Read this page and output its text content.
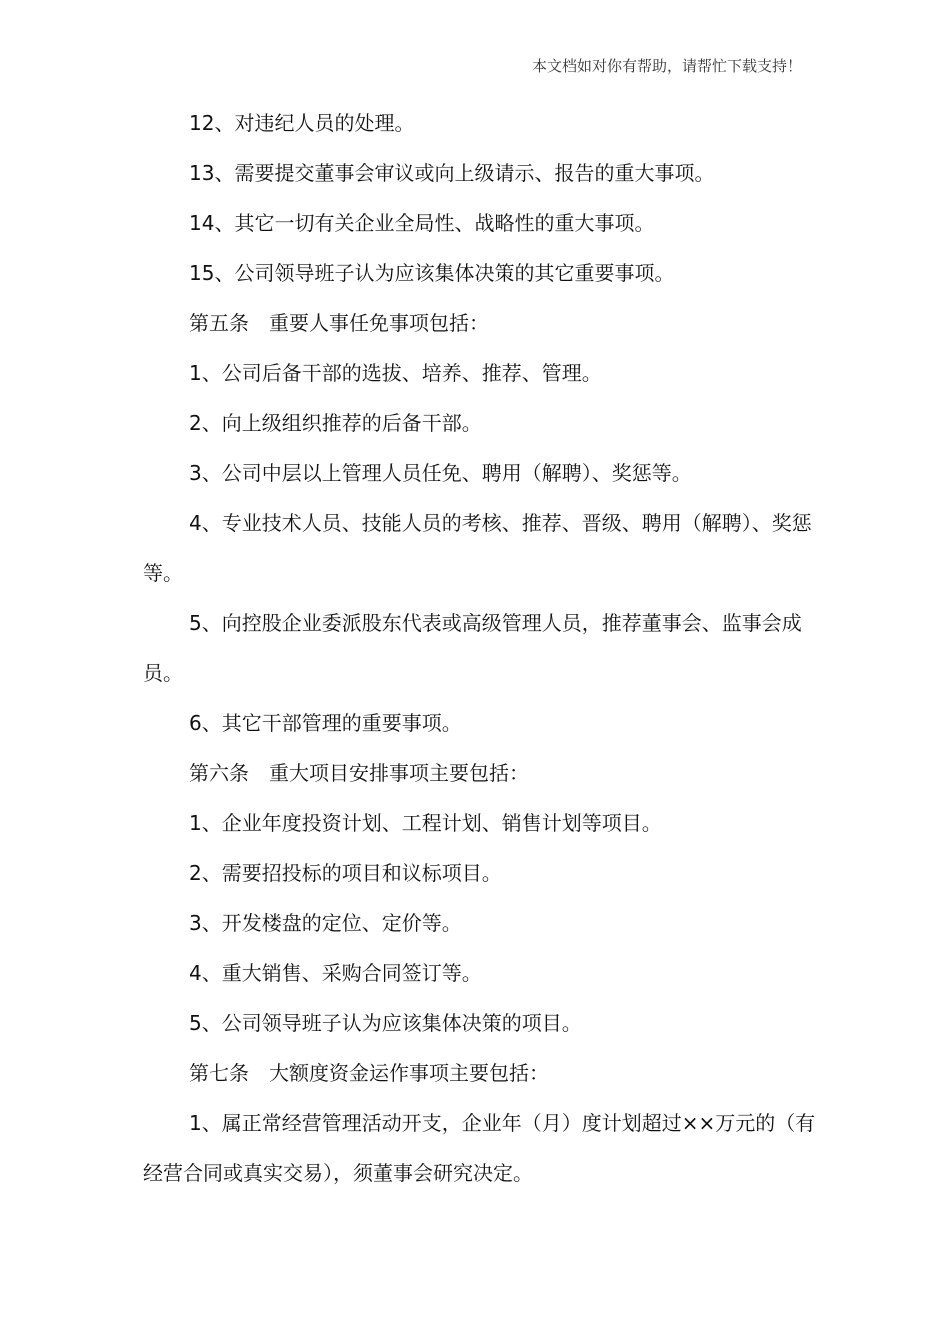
本文档如对你有帮助，请帮忙下载支持！

12、对违纪人员的处理。

13、需要提交董事会审议或向上级请示、报告的重大事项。

14、其它一切有关企业全局性、战略性的重大事项。

15、公司领导班子认为应该集体决策的其它重要事项。

第五条　重要人事任免事项包括：

1、公司后备干部的选拔、培养、推荐、管理。

2、向上级组织推荐的后备干部。

3、公司中层以上管理人员任免、聘用（解聘）、奖惩等。

4、专业技术人员、技能人员的考核、推荐、晋级、聘用（解聘）、奖惩等。

5、向控股企业委派股东代表或高级管理人员，推荐董事会、监事会成员。

6、其它干部管理的重要事项。

第六条　重大项目安排事项主要包括：

1、企业年度投资计划、工程计划、销售计划等项目。

2、需要招投标的项目和议标项目。

3、开发楼盘的定位、定价等。

4、重大销售、采购合同签订等。

5、公司领导班子认为应该集体决策的项目。

第七条　大额度资金运作事项主要包括：

1、属正常经营管理活动开支，企业年（月）度计划超过××万元的（有经营合同或真实交易），须董事会研究决定。
